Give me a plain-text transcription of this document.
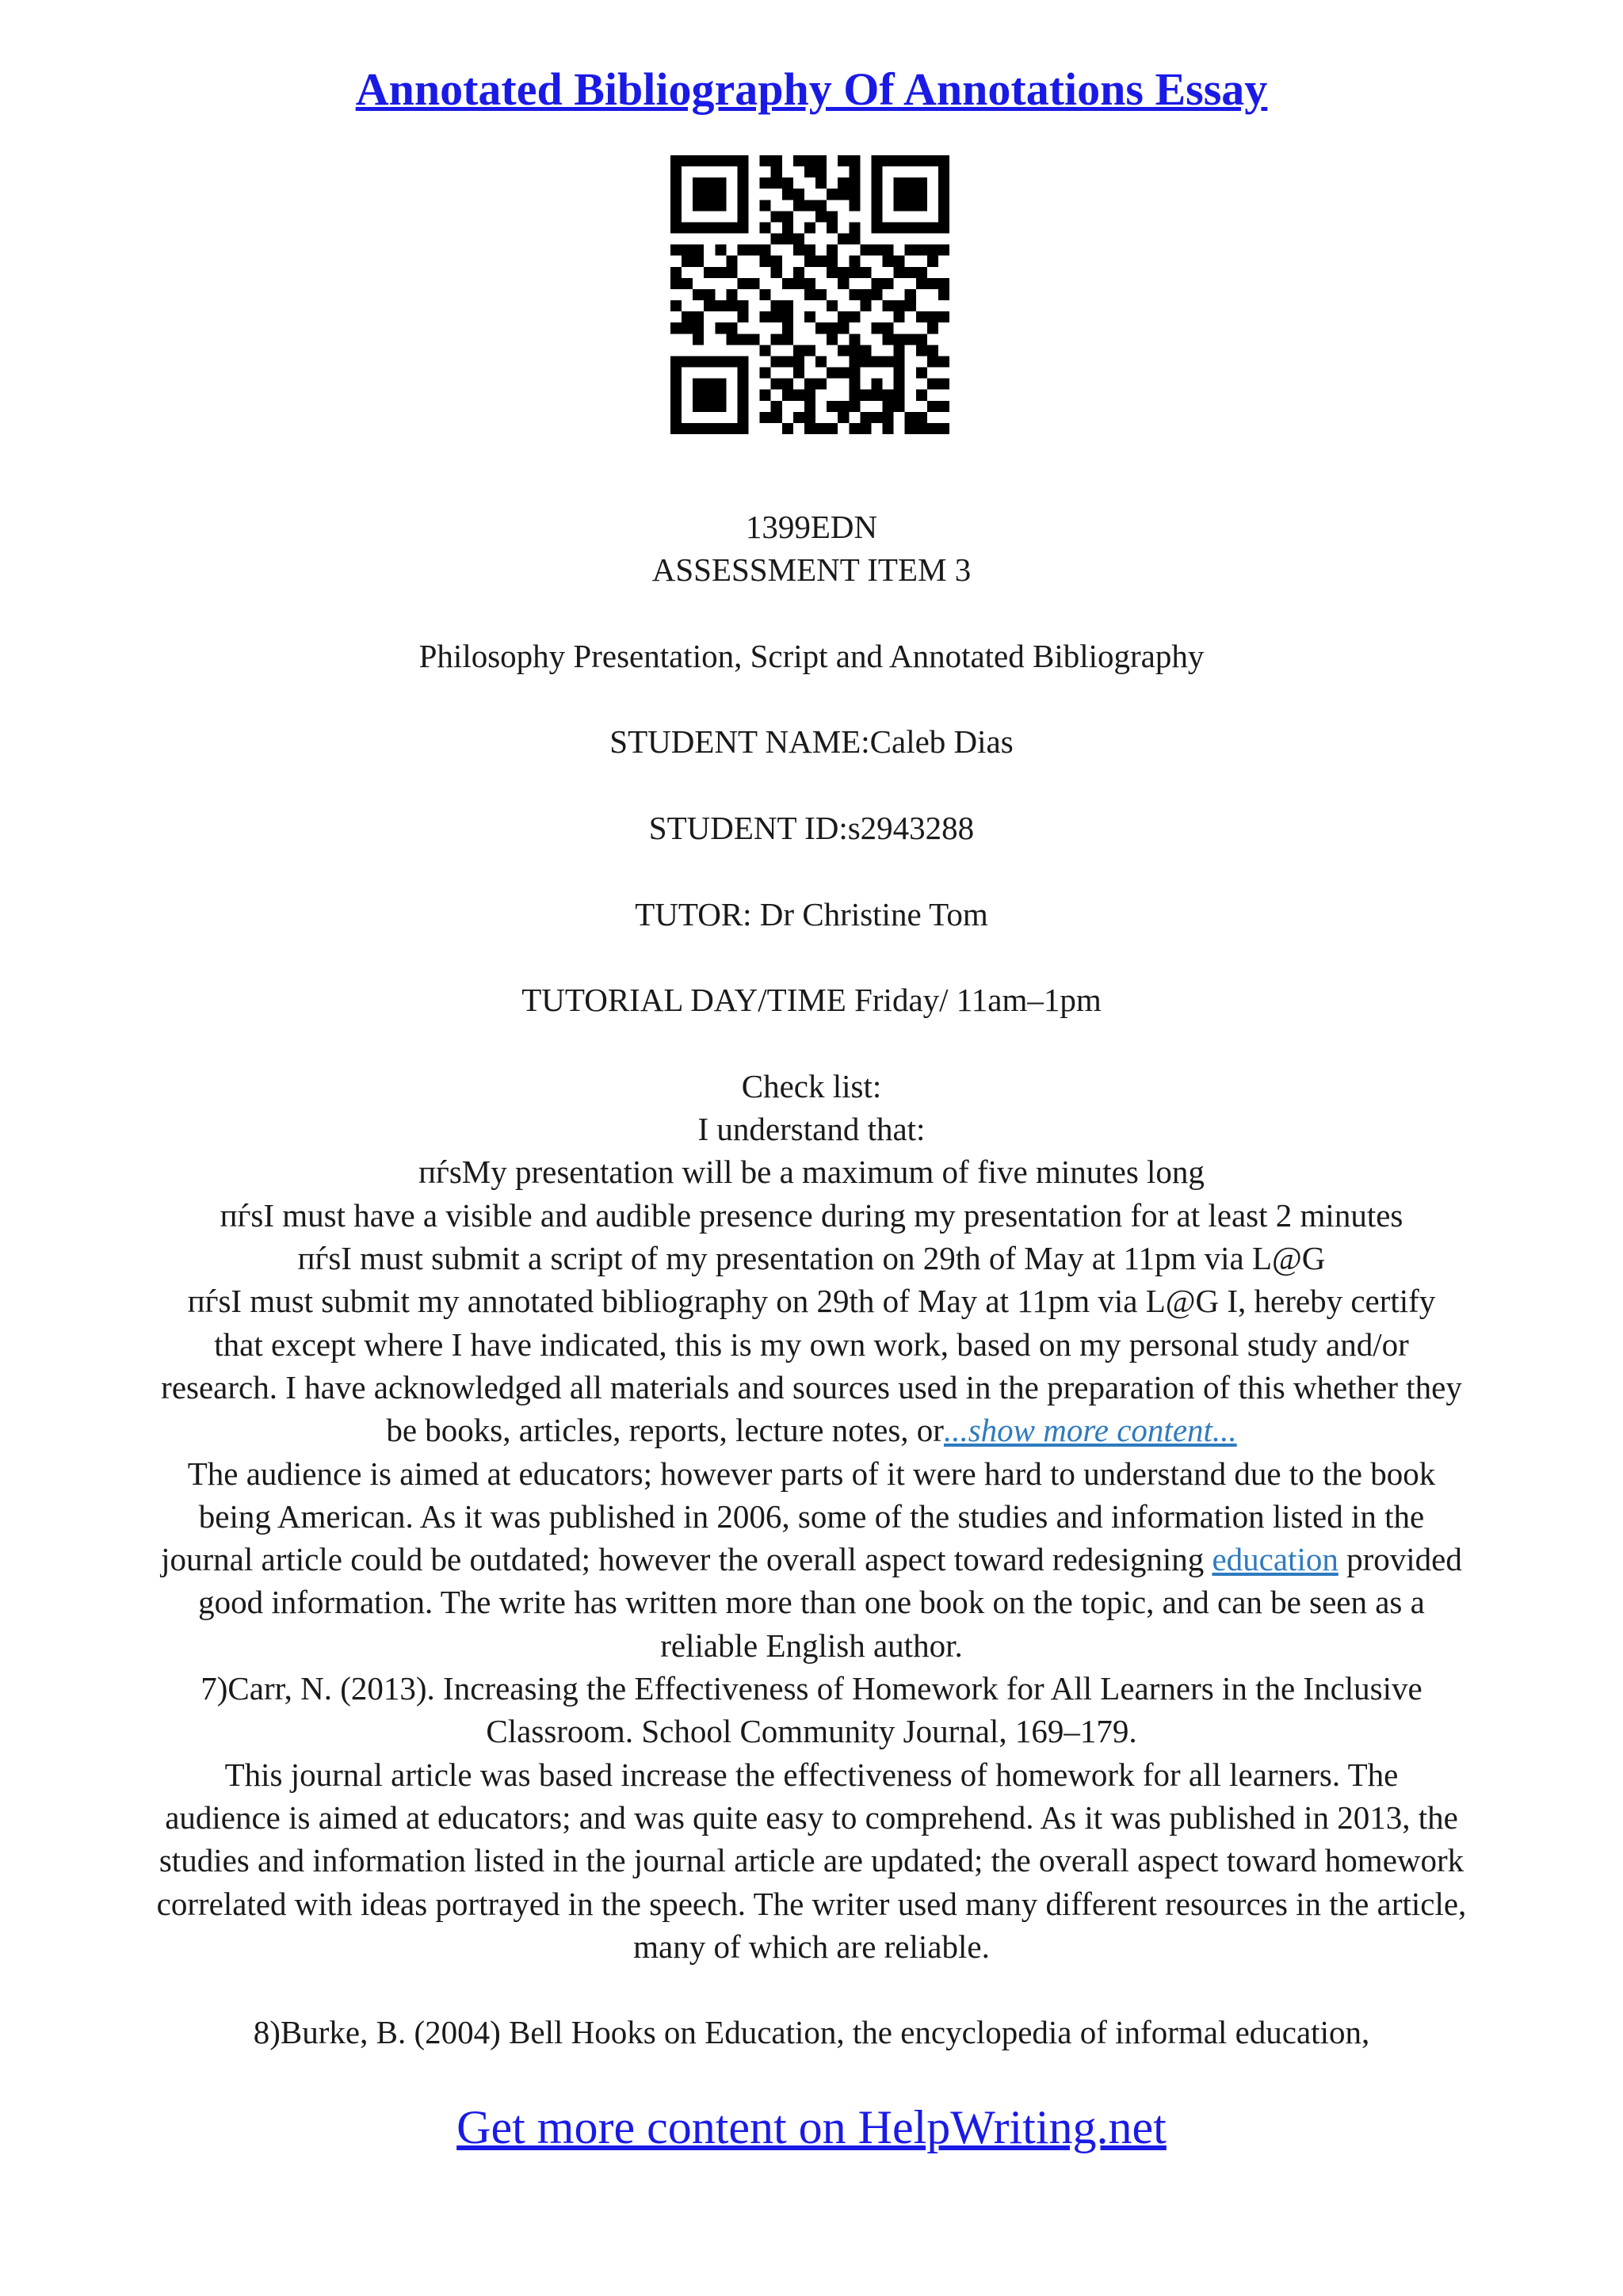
Annotated Bibliography Of Annotations Essay

1399EDN
ASSESSMENT ITEM 3
Philosophy Presentation, Script and Annotated Bibliography
STUDENT NAME:Caleb Dias
STUDENT ID:s2943288
TUTOR: Dr Christine Tom
TUTORIAL DAY/TIME Friday/ 11am–1pm
Check list:
I understand that:
пѓѕMy presentation will be a maximum of five minutes long
пѓѕI must have a visible and audible presence during my presentation for at least 2 minutes
пѓѕI must submit a script of my presentation on 29th of May at 11pm via L@G
пѓѕI must submit my annotated bibliography on 29th of May at 11pm via L@G I, hereby certify
that except where I have indicated, this is my own work, based on my personal study and/or
research. I have acknowledged all materials and sources used in the preparation of this whether they
be books, articles, reports, lecture notes, or...show more content...
The audience is aimed at educators; however parts of it were hard to understand due to the book
being American. As it was published in 2006, some of the studies and information listed in the
journal article could be outdated; however the overall aspect toward redesigning education provided
good information. The write has written more than one book on the topic, and can be seen as a
reliable English author.
7)Carr, N. (2013). Increasing the Effectiveness of Homework for All Learners in the Inclusive
Classroom. School Community Journal, 169–179.
This journal article was based increase the effectiveness of homework for all learners. The
audience is aimed at educators; and was quite easy to comprehend. As it was published in 2013, the
studies and information listed in the journal article are updated; the overall aspect toward homework
correlated with ideas portrayed in the speech. The writer used many different resources in the article,
many of which are reliable.
8)Burke, B. (2004) Bell Hooks on Education, the encyclopedia of informal education,

Get more content on HelpWriting.net
